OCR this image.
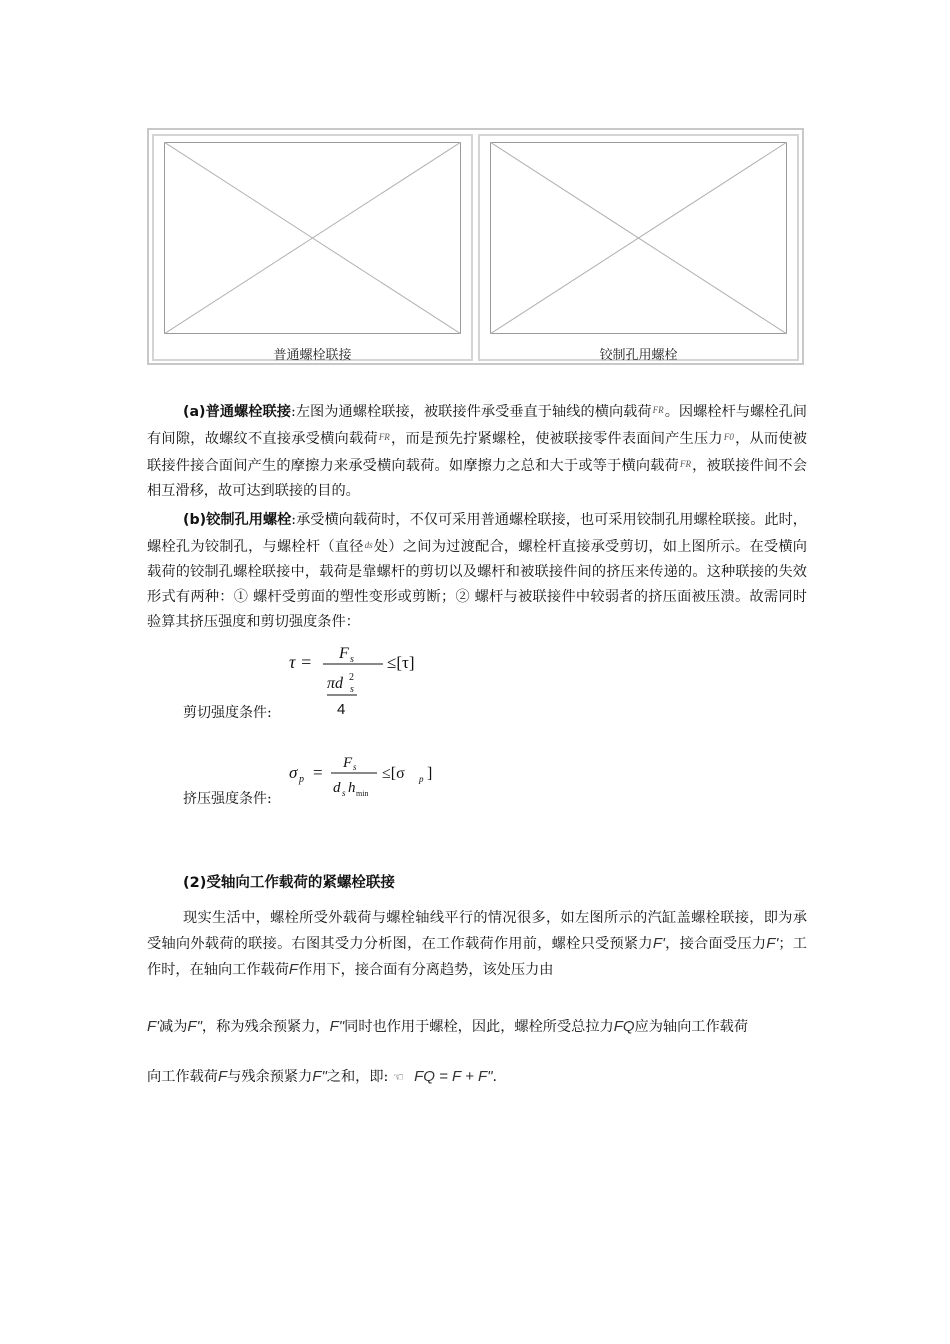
普通螺栓联接	铰制孔用螺栓
(a)普通螺栓联接:左图为通螺栓联接，被联接件承受垂直于轴线的横向载荷$^{FR}$。因螺栓杆与螺栓孔间有间隙，故螺纹不直接承受横向载荷$^{FR}$，而是预先拧紧螺栓，使被联接零件表面间产生压力$^{F0}$，从而使被联接件接合面间产生的摩擦力来承受横向载荷。如摩擦力之总和大于或等于横向载荷$^{FR}$，被联接件间不会相互滑移，故可达到联接的目的。
(b)铰制孔用螺栓:承受横向载荷时，不仅可采用普通螺栓联接，也可采用铰制孔用螺栓联接。此时，螺栓孔为铰制孔，与螺栓杆（直径$^{ds}$处）之间为过渡配合，螺栓杆直接承受剪切，如上图所示。在受横向载荷的铰制孔螺栓联接中，载荷是靠螺杆的剪切以及螺杆和被联接件间的挤压来传递的。这种联接的失效形式有两种：① 螺杆受剪面的塑性变形或剪断；② 螺杆与被联接件中较弱者的挤压面被压溃。故需同时验算其挤压强度和剪切强度条件：
剪切强度条件:
τ = F s
πd s
2
4
≤[τ]
挤压强度条件:
σ p = F s
d s h min
≤[σ p ]
(2)受轴向工作载荷的紧螺栓联接
现实生活中，螺栓所受外载荷与螺栓轴线平行的情况很多，如左图所示的汽缸盖螺栓联接，即为承受轴向外载荷的联接。右图其受力分析图，在工作载荷作用前，螺栓只受预紧力F'，接合面受压力F'；工作时，在轴向工作载荷F作用下，接合面有分离趋势，该处压力由
F'减为F"，称为残余预紧力，F"同时也作用于螺栓，因此，螺栓所受总拉力FQ应为轴向工作载荷
向工作载荷F与残余预紧力F"之和，即: ☜ FQ = F + F".
